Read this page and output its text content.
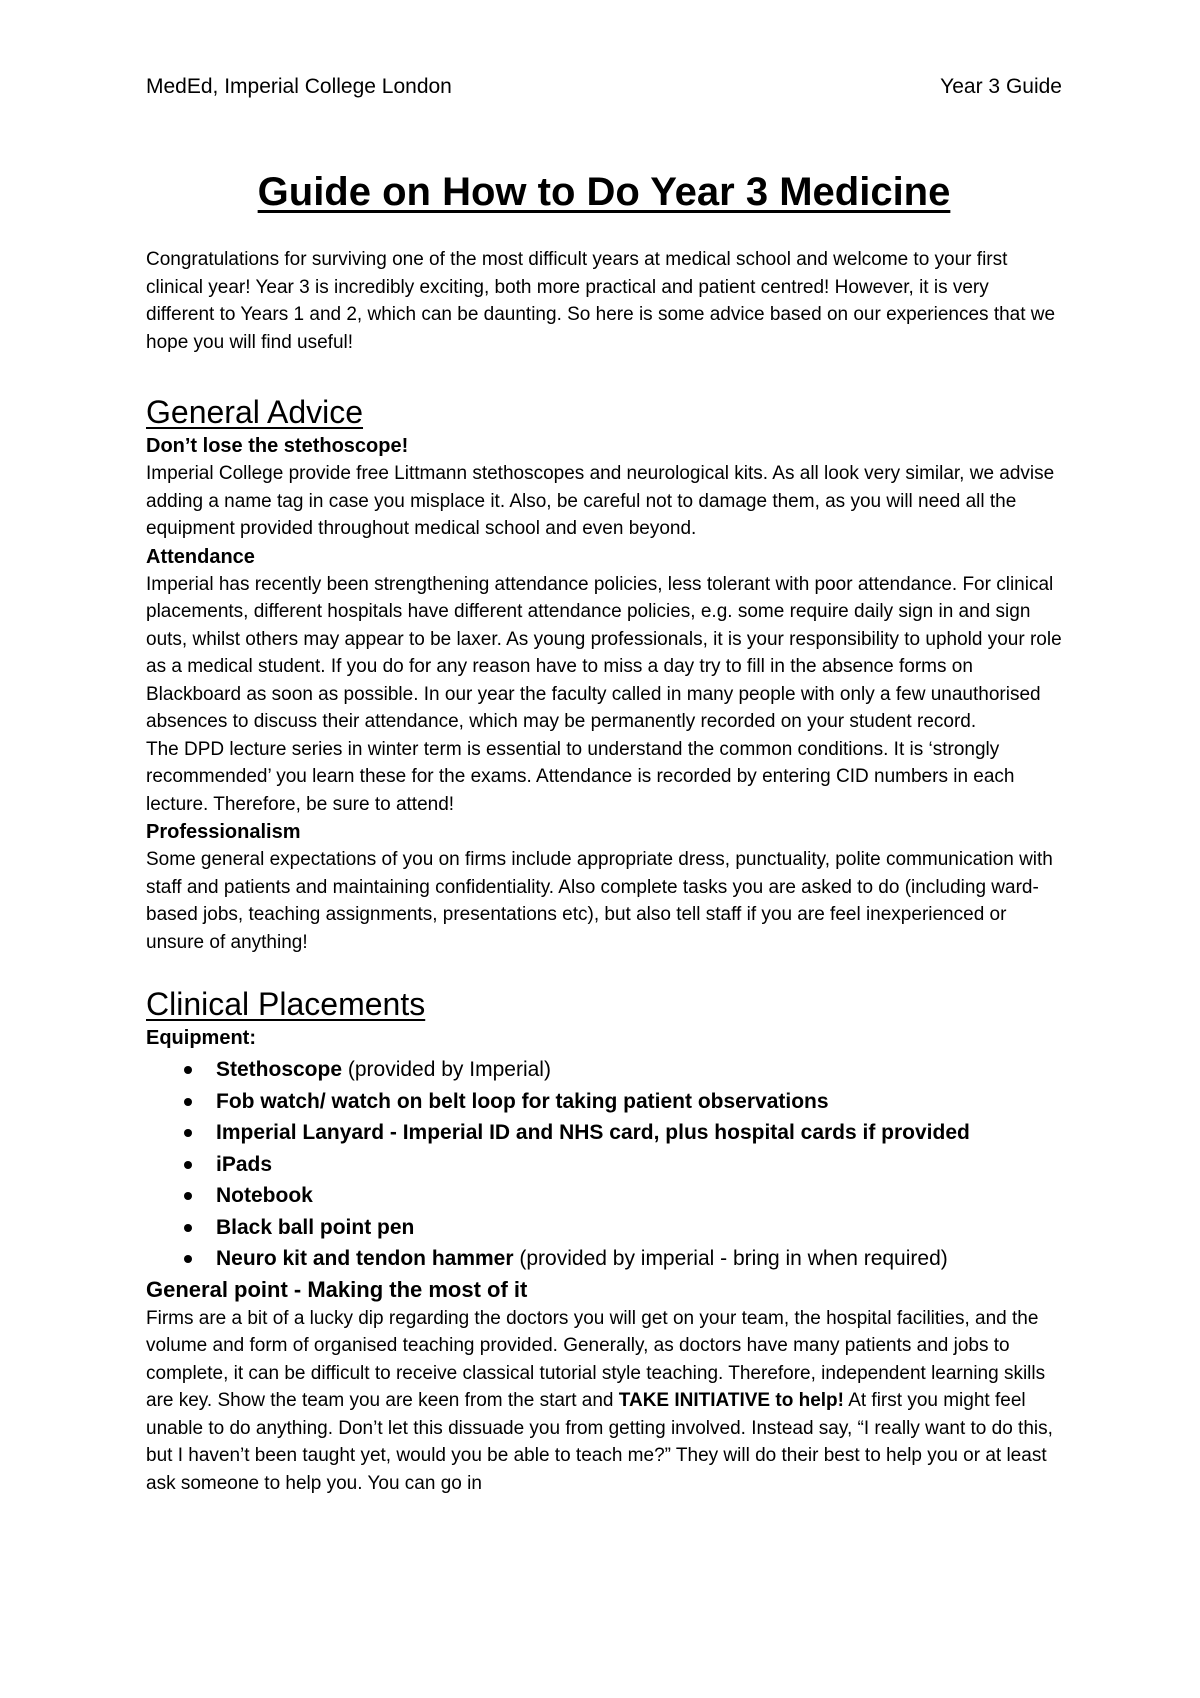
MedEd, Imperial College London	Year 3 Guide
Guide on How to Do Year 3 Medicine

Congratulations for surviving one of the most difficult years at medical school and welcome to your first clinical year! Year 3 is incredibly exciting, both more practical and patient centred! However, it is very different to Years 1 and 2, which can be daunting. So here is some advice based on our experiences that we hope you will find useful!

General Advice
Don’t lose the stethoscope!

Imperial College provide free Littmann stethoscopes and neurological kits. As all look very similar, we advise adding a name tag in case you misplace it. Also, be careful not to damage them, as you will need all the equipment provided throughout medical school and even beyond.

Attendance

Imperial has recently been strengthening attendance policies, less tolerant with poor attendance. For clinical placements, different hospitals have different attendance policies, e.g. some require daily sign in and sign outs, whilst others may appear to be laxer. As young professionals, it is your responsibility to uphold your role as a medical student. If you do for any reason have to miss a day try to fill in the absence forms on Blackboard as soon as possible. In our year the faculty called in many people with only a few unauthorised absences to discuss their attendance, which may be permanently recorded on your student record.

The DPD lecture series in winter term is essential to understand the common conditions. It is ‘strongly recommended’ you learn these for the exams. Attendance is recorded by entering CID numbers in each lecture. Therefore, be sure to attend!

Professionalism

Some general expectations of you on firms include appropriate dress, punctuality, polite communication with staff and patients and maintaining confidentiality. Also complete tasks you are asked to do (including ward-based jobs, teaching assignments, presentations etc), but also tell staff if you are feel inexperienced or unsure of anything!

Clinical Placements
Equipment:
Stethoscope (provided by Imperial)
Fob watch/ watch on belt loop for taking patient observations
Imperial Lanyard - Imperial ID and NHS card, plus hospital cards if provided
iPads
Notebook
Black ball point pen
Neuro kit and tendon hammer (provided by imperial - bring in when required)
General point - Making the most of it

Firms are a bit of a lucky dip regarding the doctors you will get on your team, the hospital facilities, and the volume and form of organised teaching provided. Generally, as doctors have many patients and jobs to complete, it can be difficult to receive classical tutorial style teaching. Therefore, independent learning skills are key. Show the team you are keen from the start and TAKE INITIATIVE to help! At first you might feel unable to do anything. Don’t let this dissuade you from getting involved. Instead say, “I really want to do this, but I haven’t been taught yet, would you be able to teach me?” They will do their best to help you or at least ask someone to help you. You can go in
